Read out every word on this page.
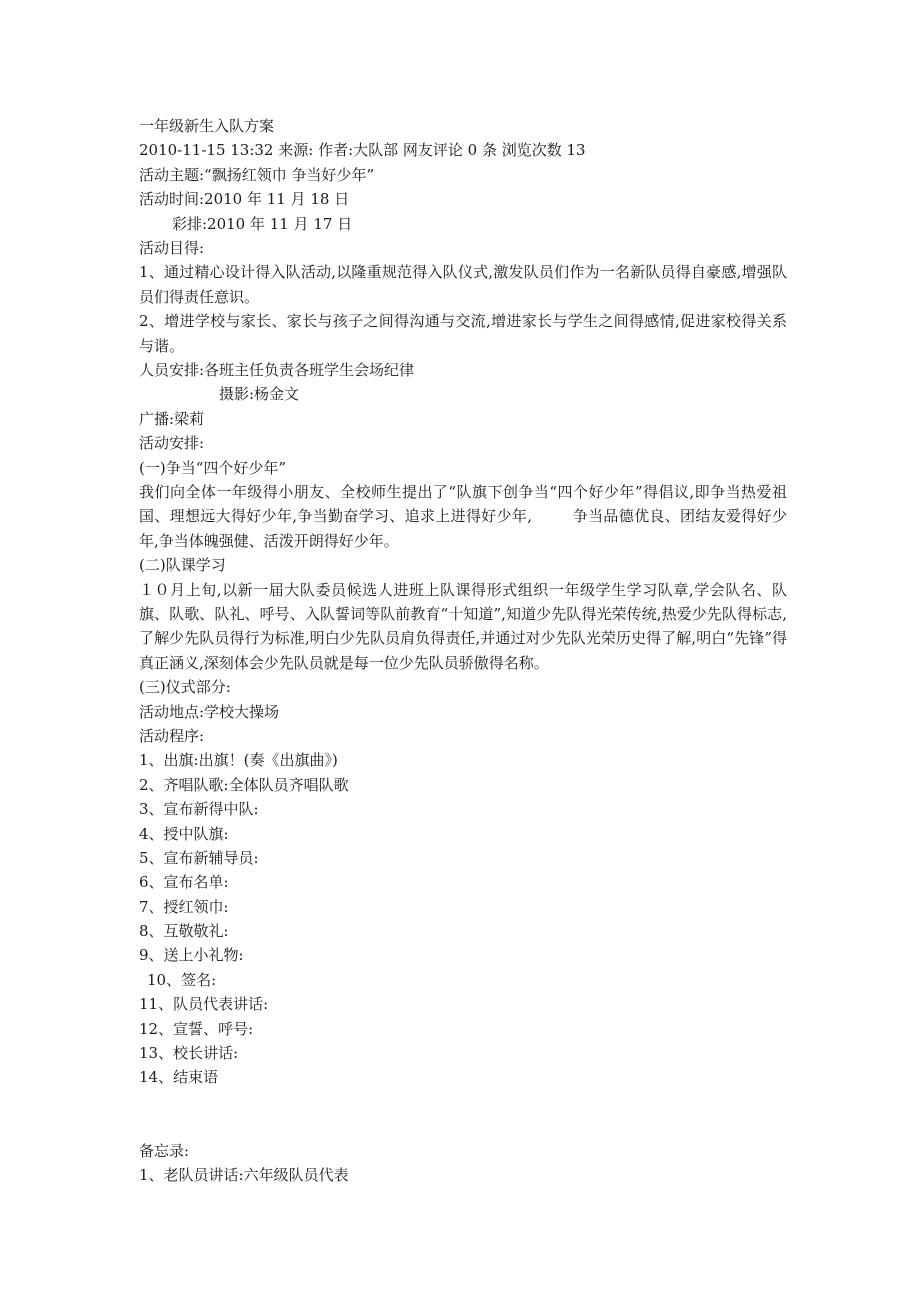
一年级新生入队方案
2010-11-15 13:32 来源: 作者:大队部 网友评论 0 条 浏览次数 13
活动主题:“飘扬红领巾 争当好少年”
活动时间:2010 年 11 月 18 日
彩排:2010 年 11 月 17 日
活动目得:
1、通过精心设计得入队活动,以隆重规范得入队仪式,激发队员们作为一名新队员得自豪感,增强队员们得责任意识。
2、增进学校与家长、家长与孩子之间得沟通与交流,增进家长与学生之间得感情,促进家校得关系与谐。
人员安排:各班主任负责各班学生会场纪律
摄影:杨金文
广播:梁莉
活动安排:
(一)争当“四个好少年”
我们向全体一年级得小朋友、全校师生提出了“队旗下创争当“四个好少年”得倡议,即争当热爱祖国、理想远大得好少年,争当勤奋学习、追求上进得好少年,        争当品德优良、团结友爱得好少年,争当体魄强健、活泼开朗得好少年。
(二)队课学习
１０月上旬,以新一届大队委员候选人进班上队课得形式组织一年级学生学习队章,学会队名、队旗、队歌、队礼、呼号、入队誓词等队前教育“十知道”,知道少先队得光荣传统,热爱少先队得标志,了解少先队员得行为标准,明白少先队员肩负得责任,并通过对少先队光荣历史得了解,明白“先锋”得真正涵义,深刻体会少先队员就是每一位少先队员骄傲得名称。
(三)仪式部分:
活动地点:学校大操场
活动程序:
1、出旗:出旗！(奏《出旗曲》)
2、齐唱队歌:全体队员齐唱队歌
3、宣布新得中队:
4、授中队旗:
5、宣布新辅导员:
6、宣布名单:
7、授红领巾:
8、互敬敬礼:
9、送上小礼物:
10、签名:
11、队员代表讲话:
12、宣誓、呼号:
13、校长讲话:
14、结束语
备忘录:
1、老队员讲话:六年级队员代表
